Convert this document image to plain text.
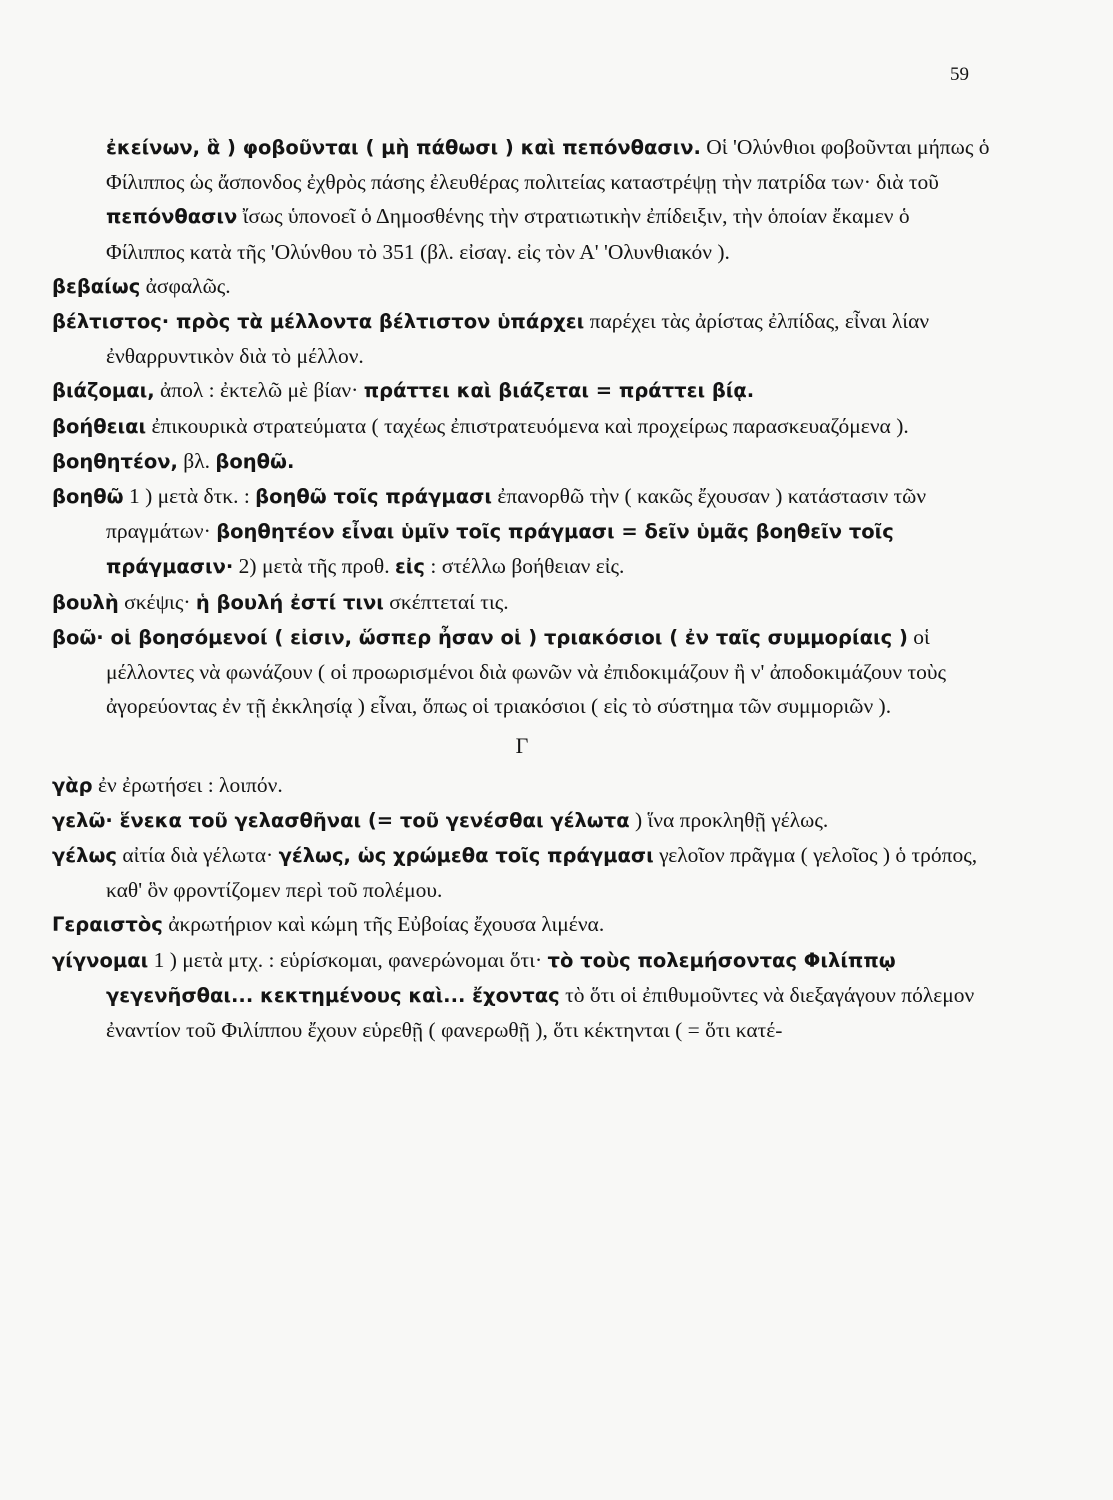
59

ἐκείνων, ἃ ) φοβοῦνται ( μὴ πάθωσι ) καὶ πεπόνθασιν. Οἱ 'Ολύνθιοι φοβοῦνται μήπως ὁ Φίλιππος ὡς ἄσπονδος ἐχθρὸς πάσης ἐλευθέρας πολιτείας καταστρέψῃ τὴν πατρίδα των· διὰ τοῦ πεπόνθασιν ἴσως ὑπονοεῖ ὁ Δημοσθένης τὴν στρατιωτικὴν ἐπίδειξιν, τὴν ὁποίαν ἔκαμεν ὁ Φίλιππος κατὰ τῆς 'Ολύνθου τὸ 351 (βλ. εἰσαγ. εἰς τὸν Α' 'Ολυνθιακόν ).

βεβαίως ἀσφαλῶς.

βέλτιστος· πρὸς τὰ μέλλοντα βέλτιστον ὑπάρχει παρέχει τὰς ἀρίστας ἐλπίδας, εἶναι λίαν ἐνθαρρυντικὸν διὰ τὸ μέλλον.

βιάζομαι, ἀπολ : ἐκτελῶ μὲ βίαν· πράττει καὶ βιάζεται = πράττει βίᾳ.

βοήθειαι ἐπικουρικὰ στρατεύματα ( ταχέως ἐπιστρατευόμενα καὶ προχείρως παρασκευαζόμενα ).

βοηθητέον, βλ. βοηθῶ.

βοηθῶ 1 ) μετὰ δτκ. : βοηθῶ τοῖς πράγμασι ἐπανορθῶ τὴν ( κακῶς ἔχουσαν ) κατάστασιν τῶν πραγμάτων· βοηθητέον εἶναι ὑμῖν τοῖς πράγμασι = δεῖν ὑμᾶς βοηθεῖν τοῖς πράγμασιν· 2) μετὰ τῆς προθ. εἰς : στέλλω βοήθειαν εἰς.

βουλὴ σκέψις· ἡ βουλή ἐστί τινι σκέπτεταί τις.

βοῶ· οἱ βοησόμενοί ( εἰσιν, ὥσπερ ἦσαν οἱ ) τριακόσιοι ( ἐν ταῖς συμμορίαις ) οἱ μέλλοντες νὰ φωνάζουν ( οἱ προωρισμένοι διὰ φωνῶν νὰ ἐπιδοκιμάζουν ἢ ν' ἀποδοκιμάζουν τοὺς ἀγορεύοντας ἐν τῇ ἐκκλησίᾳ ) εἶναι, ὅπως οἱ τριακόσιοι ( εἰς τὸ σύστημα τῶν συμμοριῶν ).

Γ

γὰρ ἐν ἐρωτήσει : λοιπόν.

γελῶ· ἕνεκα τοῦ γελασθῆναι (= τοῦ γενέσθαι γέλωτα ) ἵνα προκληθῇ γέλως.

γέλως αἰτία διὰ γέλωτα· γέλως, ὡς χρώμεθα τοῖς πράγμασι γελοῖον πρᾶγμα ( γελοῖος ) ὁ τρόπος, καθ' ὃν φροντίζομεν περὶ τοῦ πολέμου.

Γεραιστὸς ἀκρωτήριον καὶ κώμη τῆς Εὐβοίας ἔχουσα λιμένα.

γίγνομαι 1 ) μετὰ μτχ. : εὑρίσκομαι, φανερώνομαι ὅτι· τὸ τοὺς πολεμήσοντας Φιλίππῳ γεγενῆσθαι... κεκτημένους καὶ... ἔχοντας τὸ ὅτι οἱ ἐπιθυμοῦντες νὰ διεξαγάγουν πόλεμον ἐναντίον τοῦ Φιλίππου ἔχουν εὑρεθῇ ( φανερωθῇ ), ὅτι κέκτηνται ( = ὅτι κατέ-
